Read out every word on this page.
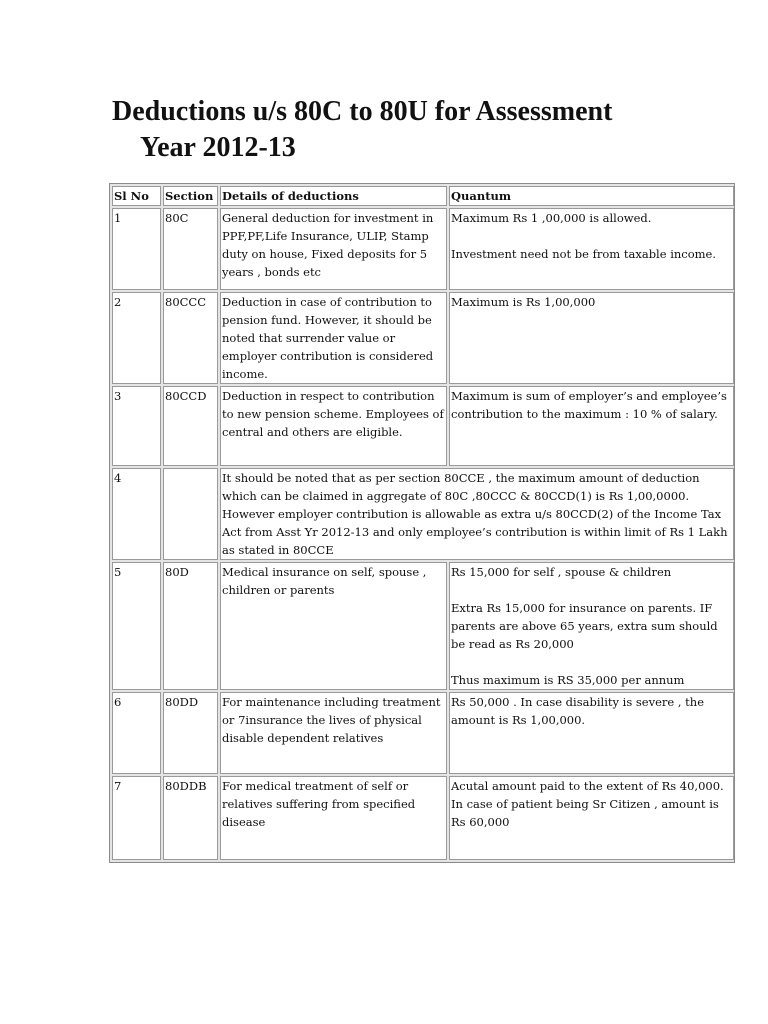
Deductions u/s 80C to 80U for Assessment
Year 2012-13
Sl No	Section	Details of deductions	Quantum
1	80C	General deduction for investment in PPF,PF,Life Insurance, ULIP, Stamp duty on house, Fixed deposits for 5 years , bonds etc	Maximum Rs 1 ,00,000 is allowed.
Investment need not be from taxable income.

2	80CCC	Deduction in case of contribution to pension fund. However, it should be noted that surrender value or employer contribution is considered income.	Maximum is Rs 1,00,000
3	80CCD	Deduction in respect to contribution to new pension scheme. Employees of central and others are eligible.	Maximum is sum of employer’s and employee’s contribution to the maximum : 10 % of salary.
4		It should be noted that as per section 80CCE , the maximum amount of deduction which can be claimed in aggregate of 80C ,80CCC & 80CCD(1) is Rs 1,00,0000. However employer contribution is allowable as extra u/s 80CCD(2) of the Income Tax Act from Asst Yr 2012-13 and only employee’s contribution is within limit of Rs 1 Lakh as stated in 80CCE	
5	80D	Medical insurance on self, spouse , children or parents	Rs 15,000 for self , spouse & children
Extra Rs 15,000 for insurance on parents. IF parents are above 65 years, extra sum should be read as Rs 20,000
Thus maximum is RS 35,000 per annum

6	80DD	For maintenance including treatment or 7insurance the lives of physical disable dependent relatives	Rs 50,000 . In case disability is severe , the amount is Rs 1,00,000.
7	80DDB	For medical treatment of self or relatives suffering from specified disease	Acutal amount paid to the extent of Rs 40,000. In case of patient being Sr Citizen , amount is Rs 60,000
